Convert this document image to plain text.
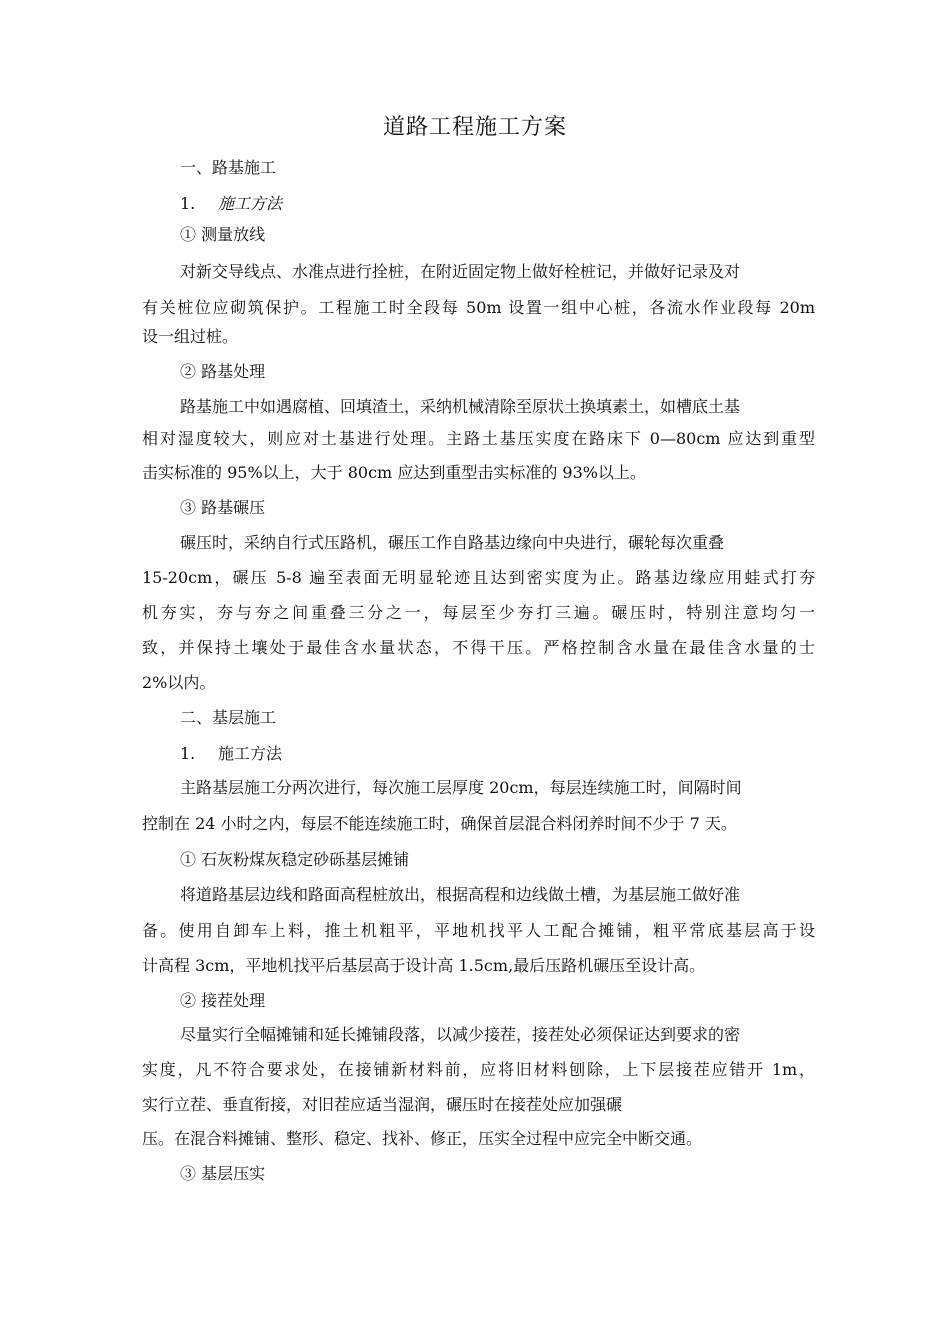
道路工程施工方案

一、路基施工

1. 施工方法

① 测量放线

对新交导线点、水准点进行拴桩，在附近固定物上做好栓桩记，并做好记录及对

有关桩位应砌筑保护。工程施工时全段每 50m 设置一组中心桩，各流水作业段每 20m

设一组过桩。

② 路基处理

路基施工中如遇腐植、回填渣土，采纳机械清除至原状土换填素土，如槽底土基

相对湿度较大，则应对土基进行处理。主路土基压实度在路床下 0—80cm 应达到重型

击实标准的 95%以上，大于 80cm 应达到重型击实标准的 93%以上。

③ 路基碾压

碾压时，采纳自行式压路机，碾压工作自路基边缘向中央进行，碾轮每次重叠

15-20cm，碾压 5-8 遍至表面无明显轮迹且达到密实度为止。路基边缘应用蛙式打夯

机夯实，夯与夯之间重叠三分之一，每层至少夯打三遍。碾压时，特别注意均匀一

致，并保持土壤处于最佳含水量状态，不得干压。严格控制含水量在最佳含水量的士

2%以内。

二、基层施工

1. 施工方法

主路基层施工分两次进行，每次施工层厚度 20cm，每层连续施工时，间隔时间

控制在 24 小时之内，每层不能连续施工时，确保首层混合料闭养时间不少于 7 天。

① 石灰粉煤灰稳定砂砾基层摊铺

将道路基层边线和路面高程桩放出，根据高程和边线做土槽，为基层施工做好准

备。使用自卸车上料，推土机粗平，平地机找平人工配合摊铺，粗平常底基层高于设

计高程 3cm，平地机找平后基层高于设计高 1.5cm,最后压路机碾压至设计高。

② 接茬处理

尽量实行全幅摊铺和延长摊铺段落，以减少接茬，接茬处必须保证达到要求的密

实度，凡不符合要求处，在接铺新材料前，应将旧材料刨除，上下层接茬应错开 1m，

实行立茬、垂直衔接，对旧茬应适当湿润，碾压时在接茬处应加强碾

压。在混合料摊铺、整形、稳定、找补、修正，压实全过程中应完全中断交通。

③ 基层压实
